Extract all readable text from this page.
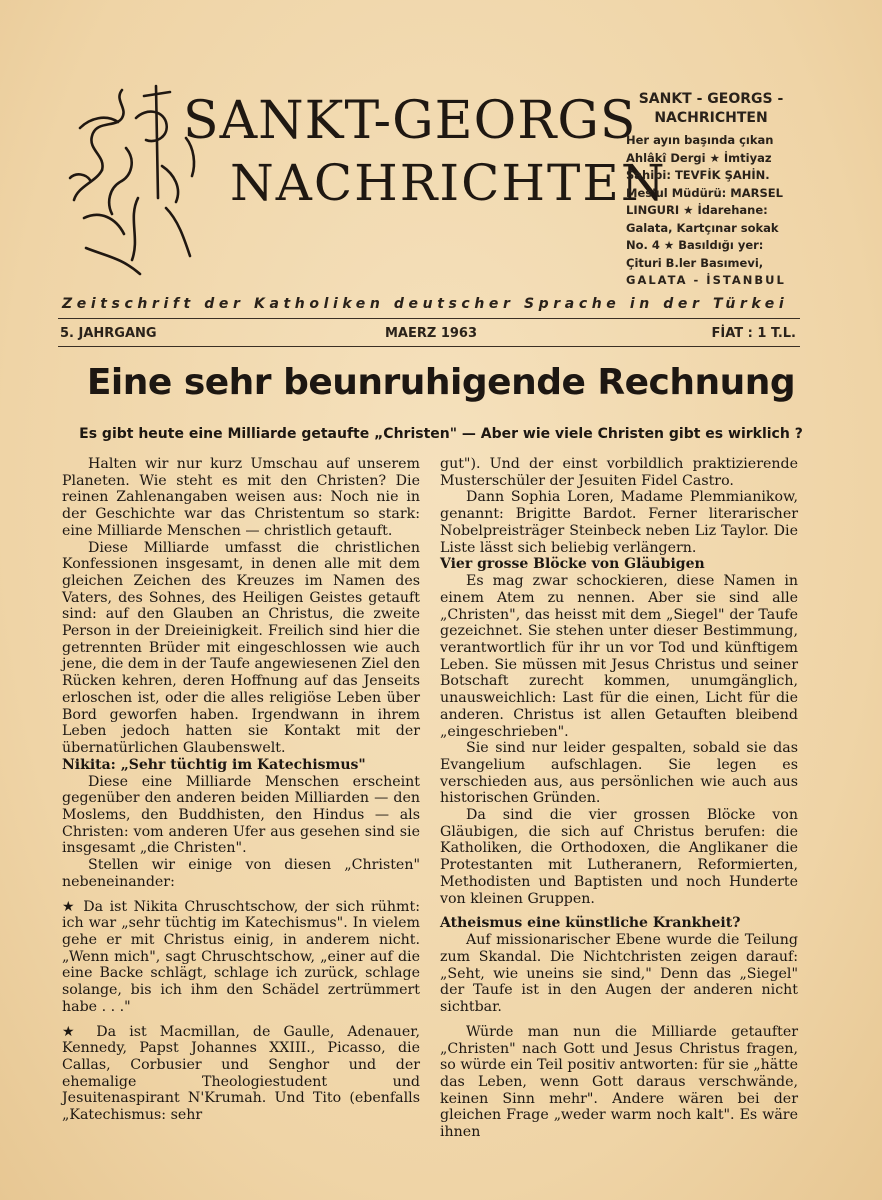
SANKT-GEORGS
NACHRICHTEN
SANKT - GEORGS -
NACHRICHTEN
Her ayın başında çıkan
Ahlâkî Dergi ★ İmtiyaz
Sahibi: TEVFİK ŞAHİN.
Mes'ul Müdürü: MARSEL
LINGURI ★ İdarehane:
Galata, Kartçınar sokak
No. 4 ★ Basıldığı yer:
Çituri B.ler Basımevi,
GALATA - İSTANBUL
Zeitschrift der Katholiken deutscher Sprache in der Türkei
5. JAHRGANG	MAERZ 1963	FİAT : 1 T.L.
Eine sehr beunruhigende Rechnung
Es gibt heute eine Milliarde getaufte „Christen" — Aber wie viele Christen gibt es wirklich ?

Halten wir nur kurz Umschau auf unserem Planeten. Wie steht es mit den Christen? Die reinen Zahlenangaben weisen aus: Noch nie in der Geschichte war das Christentum so stark: eine Milliarde Menschen — christlich getauft.

Diese Milliarde umfasst die christlichen Konfessionen insgesamt, in denen alle mit dem gleichen Zeichen des Kreuzes im Namen des Vaters, des Sohnes, des Heiligen Geistes getauft sind: auf den Glauben an Christus, die zweite Person in der Dreieinigkeit. Freilich sind hier die getrennten Brüder mit eingeschlossen wie auch jene, die dem in der Taufe angewiesenen Ziel den Rücken kehren, deren Hoffnung auf das Jenseits erloschen ist, oder die alles religiöse Leben über Bord geworfen haben. Irgendwann in ihrem Leben jedoch hatten sie Kontakt mit der übernatürlichen Glaubenswelt.

Nikita: „Sehr tüchtig im Katechismus"

Diese eine Milliarde Menschen erscheint gegenüber den anderen beiden Milliarden — den Moslems, den Buddhisten, den Hindus — als Christen: vom anderen Ufer aus gesehen sind sie insgesamt „die Christen".

Stellen wir einige von diesen „Christen" nebeneinander:

★ Da ist Nikita Chruschtschow, der sich rühmt: ich war „sehr tüchtig im Katechismus". In vielem gehe er mit Christus einig, in anderem nicht. „Wenn mich", sagt Chruschtschow, „einer auf die eine Backe schlägt, schlage ich zurück, schlage solange, bis ich ihm den Schädel zertrümmert habe . . ."

★ Da ist Macmillan, de Gaulle, Adenauer, Kennedy, Papst Johannes XXIII., Picasso, die Callas, Corbusier und Senghor und der ehemalige Theologiestudent und Jesuitenaspirant N'Krumah. Und Tito (ebenfalls „Katechismus: sehr

gut"). Und der einst vorbildlich praktizierende Musterschüler der Jesuiten Fidel Castro.

Dann Sophia Loren, Madame Plemmianikow, genannt: Brigitte Bardot. Ferner literarischer Nobelpreisträger Steinbeck neben Liz Taylor. Die Liste lässt sich beliebig verlängern.

Vier grosse Blöcke von Gläubigen

Es mag zwar schockieren, diese Namen in einem Atem zu nennen. Aber sie sind alle „Christen", das heisst mit dem „Siegel" der Taufe gezeichnet. Sie stehen unter dieser Bestimmung, verantwortlich für ihr un vor Tod und künftigem Leben. Sie müssen mit Jesus Christus und seiner Botschaft zurecht kommen, unumgänglich, unausweichlich: Last für die einen, Licht für die anderen. Christus ist allen Getauften bleibend „eingeschrieben".

Sie sind nur leider gespalten, sobald sie das Evangelium aufschlagen. Sie legen es verschieden aus, aus persönlichen wie auch aus historischen Gründen.

Da sind die vier grossen Blöcke von Gläubigen, die sich auf Christus berufen: die Katholiken, die Orthodoxen, die Anglikaner die Protestanten mit Lutheranern, Reformierten, Methodisten und Baptisten und noch Hunderte von kleinen Gruppen.

Atheismus eine künstliche Krankheit?

Auf missionarischer Ebene wurde die Teilung zum Skandal. Die Nichtchristen zeigen darauf: „Seht, wie uneins sie sind," Denn das „Siegel" der Taufe ist in den Augen der anderen nicht sichtbar.

Würde man nun die Milliarde getaufter „Christen" nach Gott und Jesus Christus fragen, so würde ein Teil positiv antworten: für sie „hätte das Leben, wenn Gott daraus verschwände, keinen Sinn mehr". Andere wären bei der gleichen Frage „weder warm noch kalt". Es wäre ihnen
